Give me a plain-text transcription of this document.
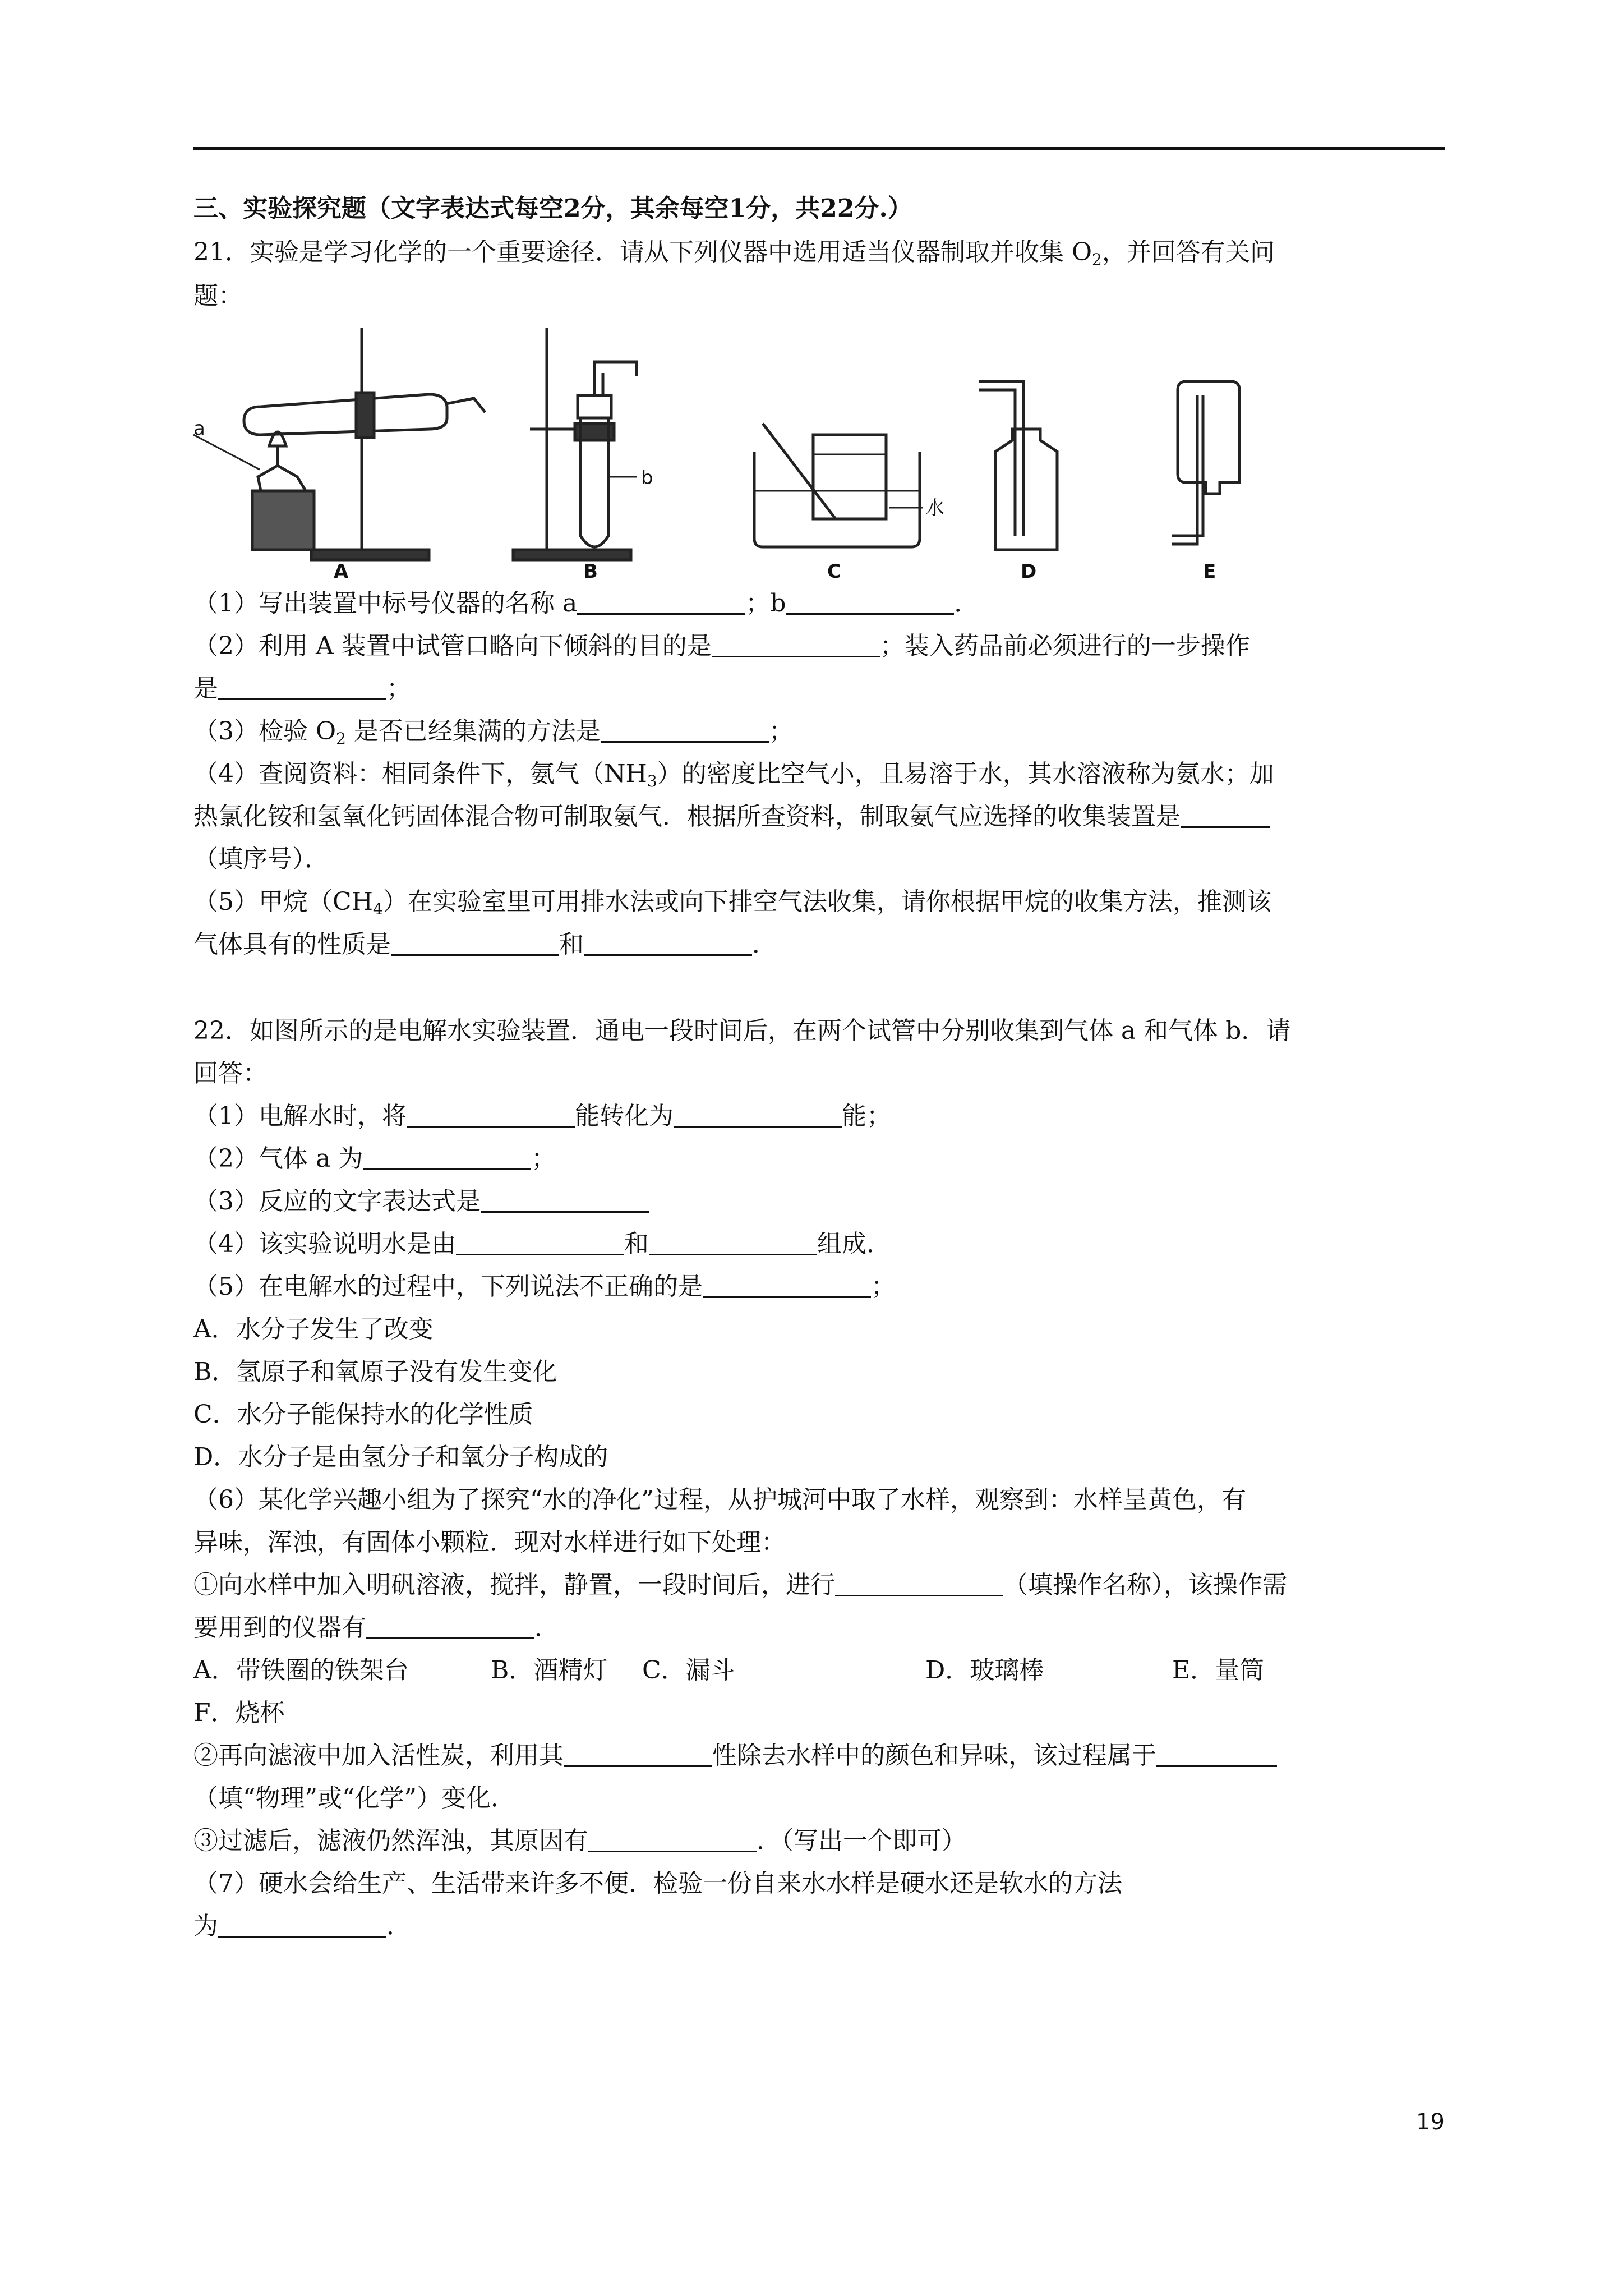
三、实验探究题（文字表达式每空2分，其余每空1分，共22分.）
21．实验是学习化学的一个重要途径．请从下列仪器中选用适当仪器制取并收集 $O_2$，并回答有关问
题：
a
b
水
A	B	C	D	E
（1）写出装置中标号仪器的名称 a	；b	．
（2）利用 A 装置中试管口略向下倾斜的目的是	；装入药品前必须进行的一步操作
是	；
（3）检验 $O_2$ 是否已经集满的方法是	；
（4）查阅资料：相同条件下，氨气$(NH_3)$的密度比空气小，且易溶于水，其水溶液称为氨水；加
热氯化铵和氢氧化钙固体混合物可制取氨气．根据所查资料，制取氨气应选择的收集装置是
（填序号）．
（5）甲烷$(CH_4)$在实验室里可用排水法或向下排空气法收集，请你根据甲烷的收集方法，推测该
气体具有的性质是	和	．
22．如图所示的是电解水实验装置．通电一段时间后，在两个试管中分别收集到气体 a 和气体 b．请
回答：
（1）电解水时，将	能转化为	能；
（2）气体 a 为	；
（3）反应的文字表达式是
（4）该实验说明水是由	和	组成．
（5）在电解水的过程中，下列说法不正确的是	；
A．水分子发生了改变
B．氢原子和氧原子没有发生变化
C．水分子能保持水的化学性质
D．水分子是由氢分子和氧分子构成的
（6）某化学兴趣小组为了探究“水的净化”过程，从护城河中取了水样，观察到：水样呈黄色，有
异味，浑浊，有固体小颗粒．现对水样进行如下处理：
①向水样中加入明矾溶液，搅拌，静置，一段时间后，进行	（填操作名称），该操作需
要用到的仪器有	．
A．带铁圈的铁架台	B．酒精灯 C．漏斗	D．玻璃棒	E．量筒
F．烧杯
②再向滤液中加入活性炭，利用其	性除去水样中的颜色和异味，该过程属于
（填“物理”或“化学”）变化．
③过滤后，滤液仍然浑浊，其原因有	．（写出一个即可）
（7）硬水会给生产、生活带来许多不便．检验一份自来水水样是硬水还是软水的方法
为	．
19
